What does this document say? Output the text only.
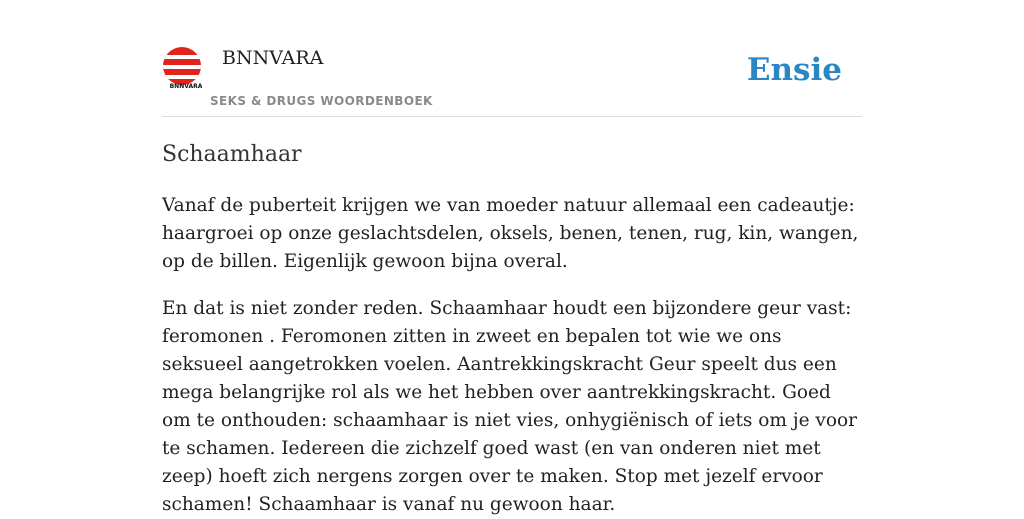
BNNVARA
BNNVARA
SEKS & DRUGS WOORDENBOEK
Ensie
Schaamhaar
Vanaf de puberteit krijgen we van moeder natuur allemaal een cadeautje: haargroei op onze geslachtsdelen, oksels, benen, tenen, rug, kin, wangen, op de billen. Eigenlijk gewoon bijna overal.
En dat is niet zonder reden. Schaamhaar houdt een bijzondere geur vast: feromonen . Feromonen zitten in zweet en bepalen tot wie we ons seksueel aangetrokken voelen. Aantrekkingskracht Geur speelt dus een mega belangrijke rol als we het hebben over aantrekkingskracht. Goed om te onthouden: schaamhaar is niet vies, onhygiënisch of iets om je voor te schamen. Iedereen die zichzelf goed wast (en van onderen niet met zeep) hoeft zich nergens zorgen over te maken. Stop met jezelf ervoor schamen! Schaamhaar is vanaf nu gewoon haar.
